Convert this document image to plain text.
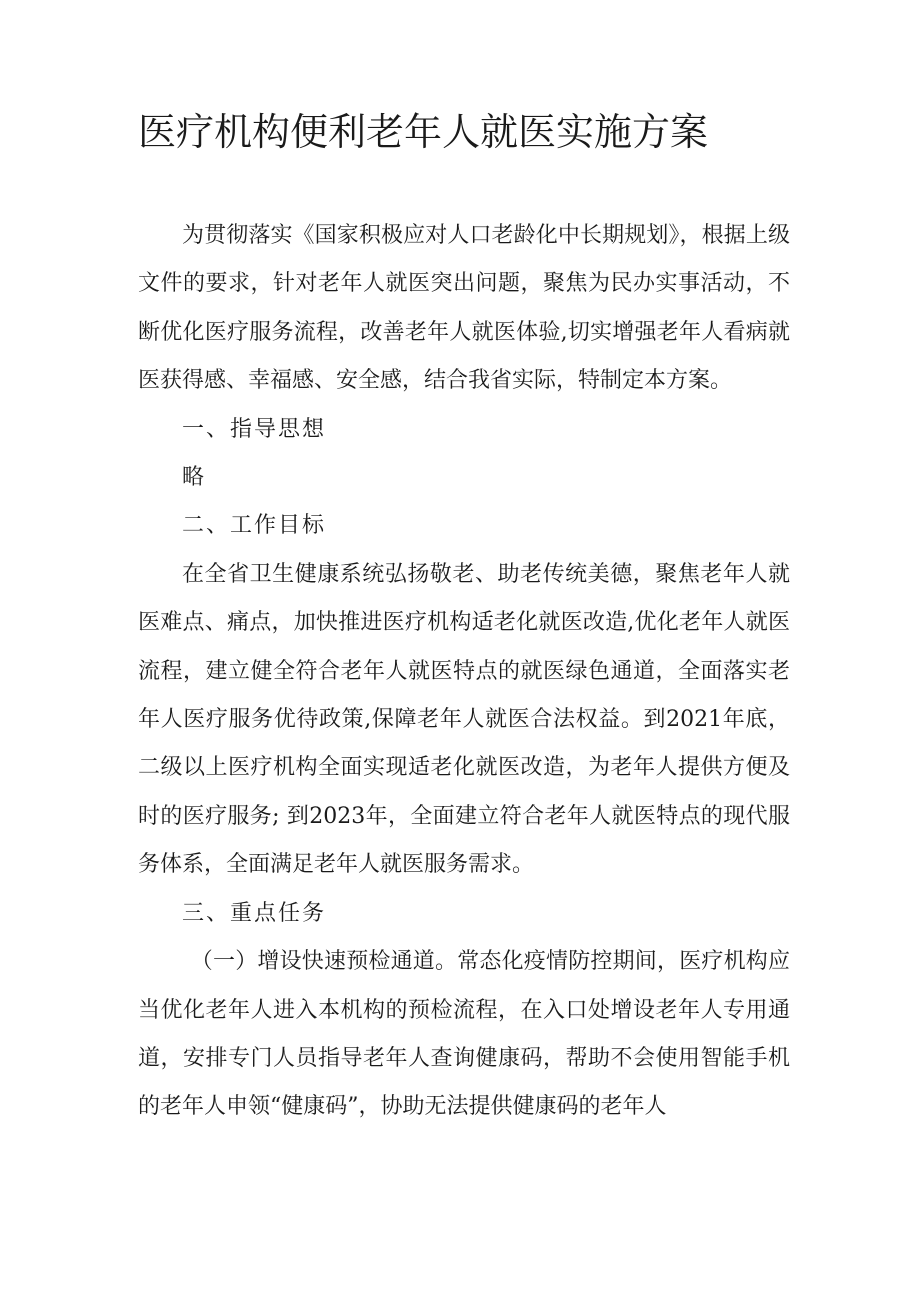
医疗机构便利老年人就医实施方案

为贯彻落实《国家积极应对人口老龄化中长期规划》，根据上级文件的要求，针对老年人就医突出问题，聚焦为民办实事活动，不断优化医疗服务流程，改善老年人就医体验,切实增强老年人看病就医获得感、幸福感、安全感，结合我省实际，特制定本方案。

一、指导思想

略

二、工作目标

在全省卫生健康系统弘扬敬老、助老传统美德，聚焦老年人就医难点、痛点，加快推进医疗机构适老化就医改造,优化老年人就医流程，建立健全符合老年人就医特点的就医绿色通道，全面落实老年人医疗服务优待政策,保障老年人就医合法权益。到2021年底，二级以上医疗机构全面实现适老化就医改造，为老年人提供方便及时的医疗服务; 到2023年，全面建立符合老年人就医特点的现代服务体系，全面满足老年人就医服务需求。

三、重点任务

（一）增设快速预检通道。常态化疫情防控期间，医疗机构应当优化老年人进入本机构的预检流程，在入口处增设老年人专用通道，安排专门人员指导老年人查询健康码，帮助不会使用智能手机的老年人申领“健康码”，协助无法提供健康码的老年人
